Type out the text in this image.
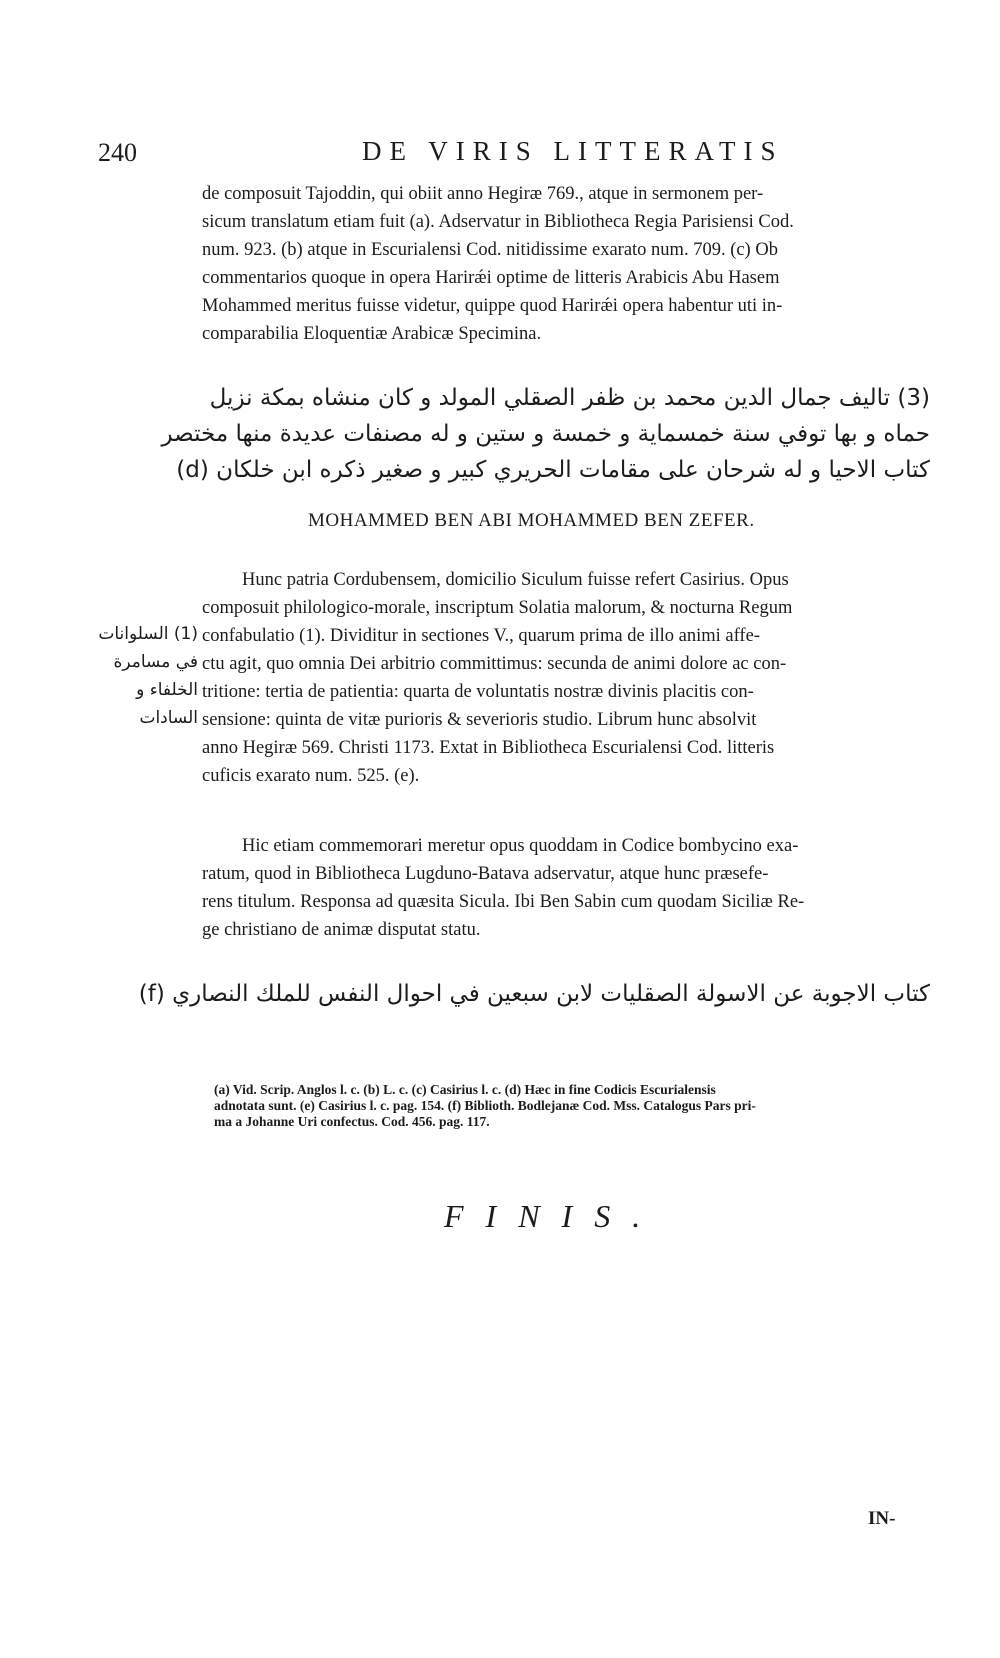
240	DE VIRIS LITTERATIS

de composuit Tajoddin, qui obiit anno Hegiræ 769., atque in sermonem per-

sicum translatum etiam fuit (a). Adservatur in Bibliotheca Regia Parisiensi Cod.

num. 923. (b) atque in Escurialensi Cod. nitidissime exarato num. 709. (c) Ob

commentarios quoque in opera Harirǽi optime de litteris Arabicis Abu Hasem

Mohammed meritus fuisse videtur, quippe quod Harirǽi opera habentur uti in-

comparabilia Eloquentiæ Arabicæ Specimina.

(3) تاليف جمال الدين محمد بن ظفر الصقلي المولد و كان منشاه بمكة نزيل
حماه و بها توفي سنة خمسماية و خمسة و ستين و له مصنفات عديدة منها مختصر
كتاب الاحيا و له شرحان على مقامات الحريري كبير و صغير ذكره ابن خلكان (d)
MOHAMMED BEN ABI MOHAMMED BEN ZEFER.
(1) السلوانات
في مسامرة
الخلفاء و
السادات

Hunc patria Cordubensem, domicilio Siculum fuisse refert Casirius. Opus

composuit philologico-morale, inscriptum Solatia malorum, & nocturna Regum

confabulatio (1). Dividitur in sectiones V., quarum prima de illo animi affe-

ctu agit, quo omnia Dei arbitrio committimus: secunda de animi dolore ac con-

tritione: tertia de patientia: quarta de voluntatis nostræ divinis placitis con-

sensione: quinta de vitæ purioris & severioris studio. Librum hunc absolvit

anno Hegiræ 569. Christi 1173. Extat in Bibliotheca Escurialensi Cod. litteris

cuficis exarato num. 525. (e).

Hic etiam commemorari meretur opus quoddam in Codice bombycino exa-

ratum, quod in Bibliotheca Lugduno-Batava adservatur, atque hunc præsefe-

rens titulum. Responsa ad quæsita Sicula. Ibi Ben Sabin cum quodam Siciliæ Re-

ge christiano de animæ disputat statu.

كتاب الاجوبة عن الاسولة الصقليات لابن سبعين في احوال النفس للملك النصاري (f)
(a) Vid. Scrip. Anglos l. c. (b) L. c. (c) Casirius l. c. (d) Hæc in fine Codicis Escurialensis
adnotata sunt. (e) Casirius l. c. pag. 154. (f) Biblioth. Bodlejanæ Cod. Mss. Catalogus Pars pri-
ma a Johanne Uri confectus. Cod. 456. pag. 117.
FINIS.
IN-
